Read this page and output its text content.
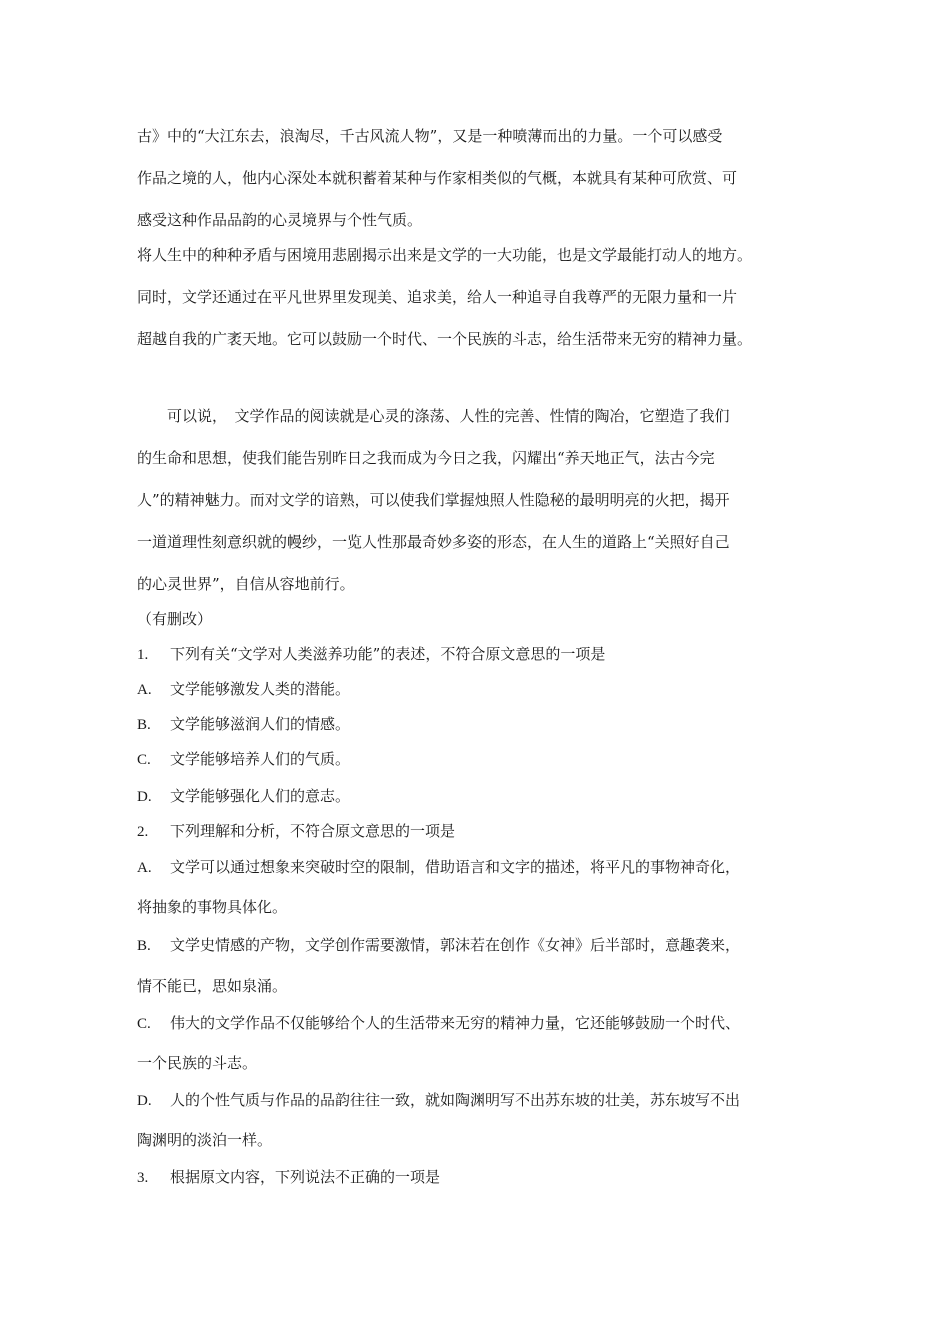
古》中的“大江东去，浪淘尽，千古风流人物”，又是一种喷薄而出的力量。一个可以感受
作品之境的人，他内心深处本就积蓄着某种与作家相类似的气概，本就具有某种可欣赏、可
感受这种作品品韵的心灵境界与个性气质。
将人生中的种种矛盾与困境用悲剧揭示出来是文学的一大功能，也是文学最能打动人的地方。
同时，文学还通过在平凡世界里发现美、追求美，给人一种追寻自我尊严的无限力量和一片
超越自我的广袤天地。它可以鼓励一个时代、一个民族的斗志，给生活带来无穷的精神力量。
可以说，　文学作品的阅读就是心灵的涤荡、人性的完善、性情的陶冶，它塑造了我们
的生命和思想，使我们能告别昨日之我而成为今日之我，闪耀出“养天地正气，法古今完
人”的精神魅力。而对文学的谙熟，可以使我们掌握烛照人性隐秘的最明明亮的火把，揭开
一道道理性刻意织就的幔纱，一览人性那最奇妙多姿的形态，在人生的道路上“关照好自己
的心灵世界”，自信从容地前行。
（有删改）
1. 下列有关“文学对人类滋养功能”的表述，不符合原文意思的一项是
A. 文学能够激发人类的潜能。
B. 文学能够滋润人们的情感。
C. 文学能够培养人们的气质。
D. 文学能够强化人们的意志。
2. 下列理解和分析，不符合原文意思的一项是
A. 文学可以通过想象来突破时空的限制，借助语言和文字的描述，将平凡的事物神奇化，
将抽象的事物具体化。
B. 文学史情感的产物，文学创作需要激情，郭沫若在创作《女神》后半部时，意趣袭来，
情不能已，思如泉涌。
C. 伟大的文学作品不仅能够给个人的生活带来无穷的精神力量，它还能够鼓励一个时代、
一个民族的斗志。
D. 人的个性气质与作品的品韵往往一致，就如陶渊明写不出苏东坡的壮美，苏东坡写不出
陶渊明的淡泊一样。
3. 根据原文内容，下列说法不正确的一项是
